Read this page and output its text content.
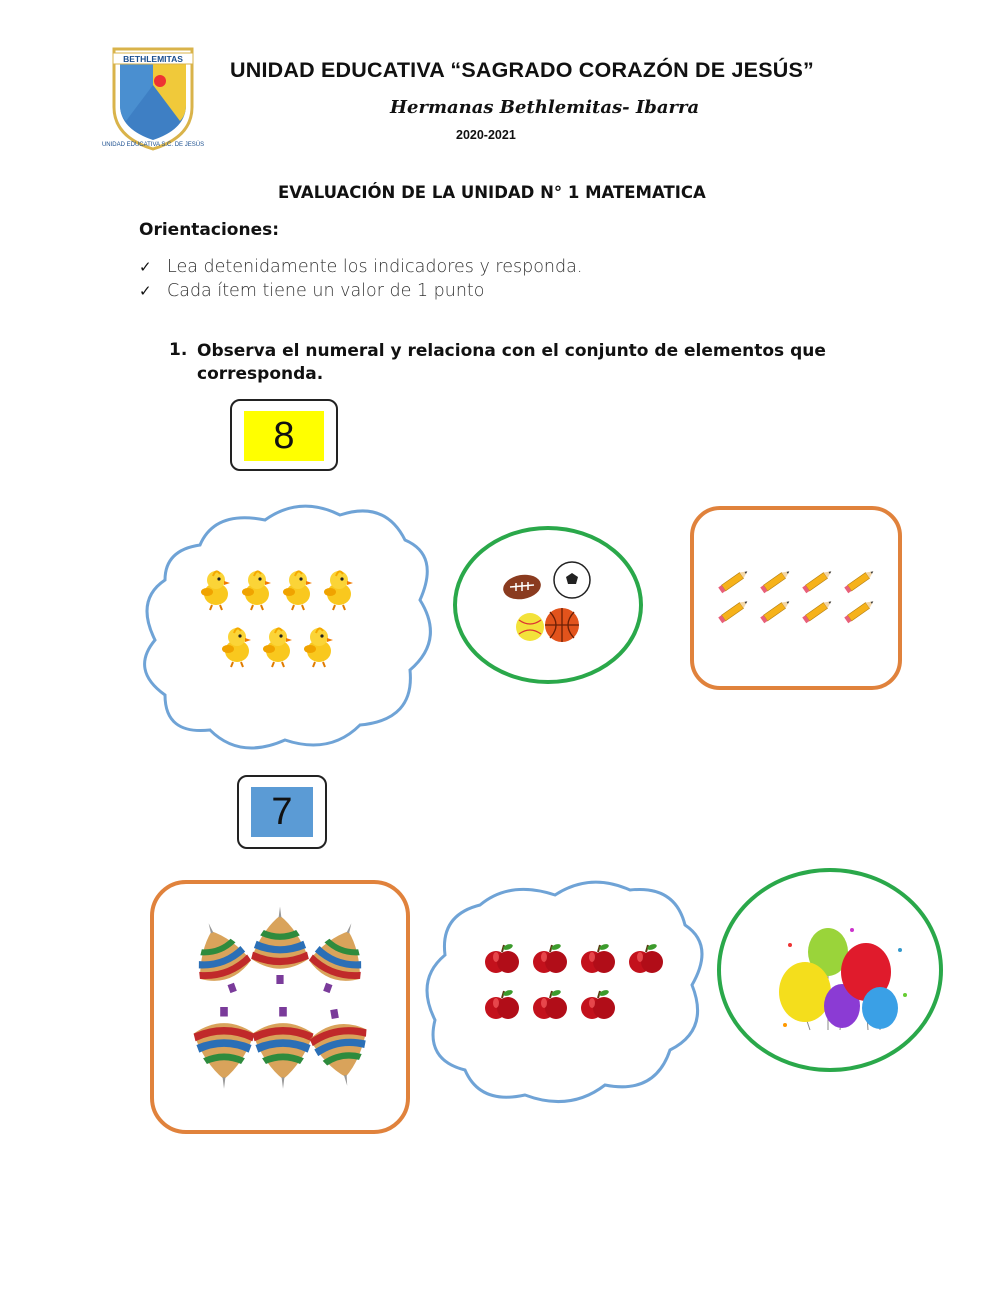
BETHLEMITAS
UNIDAD EDUCATIVA S.C. DE JESÚS
UNIDAD EDUCATIVA “SAGRADO CORAZÓN DE JESÚS”
Hermanas Bethlemitas- Ibarra
2020-2021
EVALUACIÓN DE LA UNIDAD N° 1 MATEMATICA
Orientaciones:
✓ Lea detenidamente los indicadores y responda.
✓ Cada ítem tiene un valor de 1 punto
1. Observa el numeral y relaciona con el conjunto de elementos que corresponda.
8
7
